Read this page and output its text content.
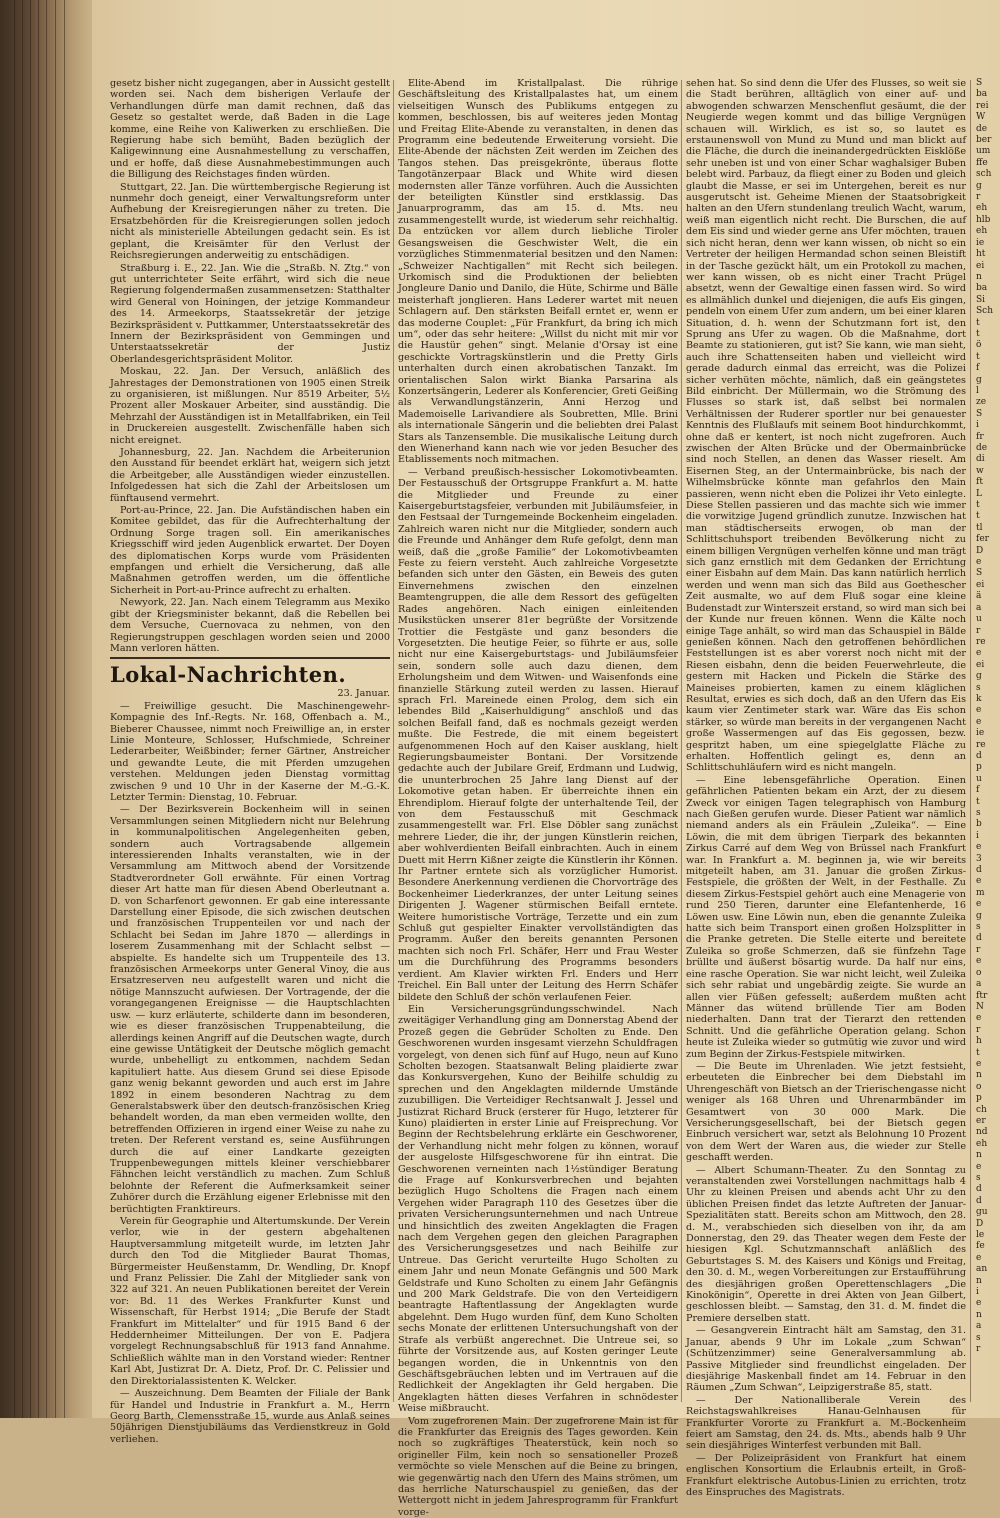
gesetz bisher nicht zugegangen, aber in Aussicht gestellt worden sei. Nach dem bisherigen Verlaufe der Verhandlungen dürfe man damit rechnen, daß das Gesetz so gestaltet werde, daß Baden in die Lage komme, eine Reihe von Kaliwerken zu erschließen. Die Regierung habe sich bemüht, Baden bezüglich der Kaligewinnung eine Ausnahmestellung zu verschaffen, und er hoffe, daß diese Ausnahmebestimmungen auch die Billigung des Reichstages finden würden.

Stuttgart, 22. Jan. Die württembergische Regierung ist nunmehr doch geneigt, einer Verwaltungsreform unter Aufhebung der Kreisregierungen näher zu treten. Die Ersatzbehörden für die Kreisregierungen sollen jedoch nicht als ministerielle Abteilungen gedacht sein. Es ist geplant, die Kreisämter für den Verlust der Reichsregierungen anderweitig zu entschädigen.

Straßburg i. E., 22. Jan. Wie die „Straßb. N. Ztg.“ von gut unterrichteter Seite erfährt, wird sich die neue Regierung folgendermaßen zusammensetzen: Statthalter wird General von Hoiningen, der jetzige Kommandeur des 14. Armeekorps, Staatssekretär der jetzige Bezirkspräsident v. Puttkammer, Unterstaatssekretär des Innern der Bezirkspräsident von Gemmingen und Unterstaatssekretär der Justiz Oberlandesgerichtspräsident Molitor.

Moskau, 22. Jan. Der Versuch, anläßlich des Jahrestages der Demonstrationen von 1905 einen Streik zu organisieren, ist mißlungen. Nur 8519 Arbeiter, 5½ Prozent aller Moskauer Arbeiter, sind ausständig. Die Mehrzahl der Ausständigen ist in Metallfabriken, ein Teil in Druckereien ausgestellt. Zwischenfälle haben sich nicht ereignet.

Johannesburg, 22. Jan. Nachdem die Arbeiterunion den Ausstand für beendet erklärt hat, weigern sich jetzt die Arbeitgeber, alle Ausständigen wieder einzustellen. Infolgedessen hat sich die Zahl der Arbeitslosen um fünftausend vermehrt.

Port-au-Prince, 22. Jan. Die Aufständischen haben ein Komitee gebildet, das für die Aufrechterhaltung der Ordnung Sorge tragen soll. Ein amerikanisches Kriegsschiff wird jeden Augenblick erwartet. Der Doyen des diplomatischen Korps wurde vom Präsidenten empfangen und erhielt die Versicherung, daß alle Maßnahmen getroffen werden, um die öffentliche Sicherheit in Port-au-Prince aufrecht zu erhalten.

Newyork, 22. Jan. Nach einem Telegramm aus Mexiko gibt der Kriegsminister bekannt, daß die Rebellen bei dem Versuche, Cuernovaca zu nehmen, von den Regierungstruppen geschlagen worden seien und 2000 Mann verloren hätten.

Lokal-Nachrichten.

23. Januar.

— Freiwillige gesucht. Die Maschinengewehr-Kompagnie des Inf.-Regts. Nr. 168, Offenbach a. M., Bieberer Chaussee, nimmt noch Freiwillige an, in erster Linie Monteure, Schlosser, Hufschmiede, Schreiner Lederarbeiter, Weißbinder; ferner Gärtner, Anstreicher und gewandte Leute, die mit Pferden umzugehen verstehen. Meldungen jeden Dienstag vormittag zwischen 9 und 10 Uhr in der Kaserne der M.-G.-K. Letzter Termin: Dienstag, 10. Februar.

— Der Bezirksverein Bockenheim will in seinen Versammlungen seinen Mitgliedern nicht nur Belehrung in kommunalpolitischen Angelegenheiten geben, sondern auch Vortragsabende allgemein interessierenden Inhalts veranstalten, wie in der Versammlung am Mittwoch abend der Vorsitzende Stadtverordneter Goll erwähnte. Für einen Vortrag dieser Art hatte man für diesen Abend Oberleutnant a. D. von Scharfenort gewonnen. Er gab eine interessante Darstellung einer Episode, die sich zwischen deutschen und französischen Truppenteilen vor und nach der Schlacht bei Sedan im Jahre 1870 — allerdings in loserem Zusammenhang mit der Schlacht selbst — abspielte. Es handelte sich um Truppenteile des 13. französischen Armeekorps unter General Vinoy, die aus Ersatzreserven neu aufgestellt waren und nicht die nötige Mannszucht aufwiesen. Der Vortragende, der die vorangegangenen Ereignisse — die Hauptschlachten usw. — kurz erläuterte, schilderte dann im besonderen, wie es dieser französischen Truppenabteilung, die allerdings keinen Angriff auf die Deutschen wagte, durch eine gewisse Untätigkeit der Deutsche möglich gemacht wurde, unbehelligt zu entkommen, nachdem Sedan kapituliert hatte. Aus diesem Grund sei diese Episode ganz wenig bekannt geworden und auch erst im Jahre 1892 in einem besonderen Nachtrag zu dem Generalstabswerk über den deutsch-französischen Krieg behandelt worden, da man eben vermeiden wollte, den betreffenden Offizieren in irgend einer Weise zu nahe zu treten. Der Referent verstand es, seine Ausführungen durch die auf einer Landkarte gezeigten Truppenbewegungen mittels kleiner verschiebbarer Fähnchen leicht verständlich zu machen. Zum Schluß belohnte der Referent die Aufmerksamkeit seiner Zuhörer durch die Erzählung eigener Erlebnisse mit den berüchtigten Franktireurs.

Verein für Geographie und Altertumskunde. Der Verein verlor, wie in der gestern abgehaltenen Hauptversammlung mitgeteilt wurde, im letzten Jahr durch den Tod die Mitglieder Baurat Thomas, Bürgermeister Heußenstamm, Dr. Wendling, Dr. Knopf und Franz Pelissier. Die Zahl der Mitglieder sank von 322 auf 321. An neuen Publikationen bereitet der Verein vor: Bd. 11 des Werkes Frankfurter Kunst und Wissenschaft, für Herbst 1914; „Die Berufe der Stadt Frankfurt im Mittelalter“ und für 1915 Band 6 der Heddernheimer Mitteilungen. Der von E. Padjera vorgelegt Rechnungsabschluß für 1913 fand Annahme. Schließlich wählte man in den Vorstand wieder: Rentner Karl Abt, Justizrat Dr. A. Dietz, Prof. Dr. C. Pelissier und den Direktorialassistenten K. Welcker.

— Auszeichnung. Dem Beamten der Filiale der Bank für Handel und Industrie in Frankfurt a. M., Herrn Georg Barth, Clemensstraße 15, wurde aus Anlaß seines 50jährigen Dienstjubiläums das Verdienstkreuz in Gold verliehen.

Elite-Abend im Kristallpalast. Die rührige Geschäftsleitung des Kristallpalastes hat, um einem vielseitigen Wunsch des Publikums entgegen zu kommen, beschlossen, bis auf weiteres jeden Montag und Freitag Elite-Abende zu veranstalten, in denen das Programm eine bedeutende Erweiterung vorsieht. Die Elite-Abende der nächsten Zeit werden im Zeichen des Tangos stehen. Das preisgekrönte, überaus flotte Tangotänzerpaar Black und White wird diesen modernsten aller Tänze vorführen. Auch die Aussichten der beteiligten Künstler sind erstklassig. Das Januarprogramm, das am 15. d. Mts. neu zusammengestellt wurde, ist wiederum sehr reichhaltig. Da entzücken vor allem durch liebliche Tiroler Gesangsweisen die Geschwister Welt, die ein vorzügliches Stimmenmaterial besitzen und den Namen: „Schweizer Nachtigallen“ mit Recht sich beilegen. Urkomisch sind die Produktionen der beliebten Jongleure Danio und Danilo, die Hüte, Schirme und Bälle meisterhaft jonglieren. Hans Lederer wartet mit neuen Schlagern auf. Den stärksten Beifall erntet er, wenn er das moderne Couplet: „Für Frankfurt, da bring ich mich um“, oder das sehr heitere: „Willst du nicht mit mir vor die Haustür gehen“ singt. Melanie d'Orsay ist eine geschickte Vortragskünstlerin und die Pretty Girls unterhalten durch einen akrobatischen Tanzakt. Im orientalischen Salon wirkt Bianka Parsarina als Konzertsängerin, Lederer als Konferencier, Greti Geißing als Verwandlungstänzerin, Anni Herzog und Mademoiselle Larivandiere als Soubretten, Mlle. Brini als internationale Sängerin und die beliebten drei Palast Stars als Tanzensemble. Die musikalische Leitung durch den Wienerhand kann nach wie vor jeden Besucher des Etablissements noch mitmachen.

— Verband preußisch-hessischer Lokomotivbeamten. Der Festausschuß der Ortsgruppe Frankfurt a. M. hatte die Mitglieder und Freunde zu einer Kaisergeburtstagsfeier, verbunden mit Jubiläumsfeier, in den Festsaal der Turngemeinde Bockenheim eingeladen. Zahlreich waren nicht nur die Mitglieder, sondern auch die Freunde und Anhänger dem Rufe gefolgt, denn man weiß, daß die „große Familie“ der Lokomotivbeamten Feste zu feiern versteht. Auch zahlreiche Vorgesetzte befanden sich unter den Gästen, ein Beweis des guten Einvernehmens zwischen den einzelnen Beamtengruppen, die alle dem Ressort des gefügelten Rades angehören. Nach einigen einleitenden Musikstücken unserer 81er begrüßte der Vorsitzende Trottier die Festgäste und ganz besonders die Vorgesetzten. Die heutige Feier, so führte er aus, solle nicht nur eine Kaisergeburtstags- und Jubiläumsfeier sein, sondern solle auch dazu dienen, dem Erholungsheim und dem Witwen- und Waisenfonds eine finanzielle Stärkung zuteil werden zu lassen. Hierauf sprach Frl. Mareinede einen Prolog, dem sich ein lebendes Bild „Kaiserhuldigung“ anschloß und das solchen Beifall fand, daß es nochmals gezeigt werden mußte. Die Festrede, die mit einem begeistert aufgenommenen Hoch auf den Kaiser ausklang, hielt Regierungsbaumeister Bontani. Der Vorsitzende gedachte auch der Jubilare Greif, Erdmann und Ludwig, die ununterbrochen 25 Jahre lang Dienst auf der Lokomotive getan haben. Er überreichte ihnen ein Ehrendiplom. Hierauf folgte der unterhaltende Teil, der von dem Festausschuß mit Geschmack zusammengestellt war. Frl. Else Döbler sang zunächst mehrere Lieder, die ihr, der jungen Künstlerin reichen, aber wohlverdienten Beifall einbrachten. Auch in einem Duett mit Herrn Kißner zeigte die Künstlerin ihr Können. Ihr Partner erntete sich als vorzüglicher Humorist. Besondere Anerkennung verdienen die Chorvorträge des Bockenheimer Liederkranzes, der unter Leitung seines Dirigenten J. Wagener stürmischen Beifall erntete. Weitere humoristische Vorträge, Terzette und ein zum Schluß gut gespielter Einakter vervollständigten das Programm. Außer den bereits genannten Personen machten sich noch Frl. Schäfer, Herr und Frau Wester um die Durchführung des Programms besonders verdient. Am Klavier wirkten Frl. Enders und Herr Treichel. Ein Ball unter der Leitung des Herrn Schäfer bildete den Schluß der schön verlaufenen Feier.

Ein Versicherungsgründungsschwindel. Nach zweitägiger Verhandlung ging am Donnerstag Abend der Prozeß gegen die Gebrüder Scholten zu Ende. Den Geschworenen wurden insgesamt vierzehn Schuldfragen vorgelegt, von denen sich fünf auf Hugo, neun auf Kuno Scholten bezogen. Staatsanwalt Beling plaidierte zwar das Konkursvergehen, Kuno der Beihilfe schuldig zu sprechen und den Angeklagten mildernde Umstände zuzubilligen. Die Verteidiger Rechtsanwalt J. Jessel und Justizrat Richard Bruck (ersterer für Hugo, letzterer für Kuno) plaidierten in erster Linie auf Freisprechung. Vor Beginn der Rechtsbelehrung erklärte ein Geschworener, der Verhandlung nicht mehr folgen zu können, worauf der ausgeloste Hilfsgeschworene für ihn eintrat. Die Geschworenen verneinten nach 1½stündiger Beratung die Frage auf Konkursverbrechen und bejahten bezüglich Hugo Scholtens die Fragen nach einem Vergehen wider Paragraph 110 des Gesetzes über die privaten Versicherungsunternehmen und nach Untreue und hinsichtlich des zweiten Angeklagten die Fragen nach dem Vergehen gegen den gleichen Paragraphen des Versicherungsgesetzes und nach Beihilfe zur Untreue. Das Gericht verurteilte Hugo Scholten zu einem Jahr und neun Monate Gefängnis und 500 Mark Geldstrafe und Kuno Scholten zu einem Jahr Gefängnis und 200 Mark Geldstrafe. Die von den Verteidigern beantragte Haftentlassung der Angeklagten wurde abgelehnt. Dem Hugo wurden fünf, dem Kuno Scholten sechs Monate der erlittenen Untersuchungshaft von der Strafe als verbüßt angerechnet. Die Untreue sei, so führte der Vorsitzende aus, auf Kosten geringer Leute begangen worden, die in Unkenntnis von den Geschäftsgebräuchen lebten und im Vertrauen auf die Redlichkeit der Angeklagten ihr Geld hergaben. Die Angeklagten hätten dieses Verfahren in schnödester Weise mißbraucht.

Vom zugefrorenen Main. Der zugefrorene Main ist für die Frankfurter das Ereignis des Tages geworden. Kein noch so zugkräftiges Theaterstück, kein noch so origineller Film, kein noch so sensationeller Prozeß vermöchte so viele Menschen auf die Beine zu bringen, wie gegenwärtig nach den Ufern des Mains strömen, um das herrliche Naturschauspiel zu genießen, das der Wettergott nicht in jedem Jahresprogramm für Frankfurt vorge-

sehen hat. So sind denn die Ufer des Flusses, so weit sie die Stadt berühren, alltäglich von einer auf- und abwogenden schwarzen Menschenflut gesäumt, die der Neugierde wegen kommt und das billige Vergnügen schauen will. Wirklich, es ist so, so lautet es erstaunenswoll von Mund zu Mund und man blickt auf die Fläche, die durch die ineinandergedrückten Eisklöße sehr uneben ist und von einer Schar waghalsiger Buben belebt wird. Parbauz, da fliegt einer zu Boden und gleich glaubt die Masse, er sei im Untergehen, bereit es nur ausgerutscht ist. Geheime Mienen der Staatsobrigkeit halten an den Ufern stundenlang treulich Wacht, warum, weiß man eigentlich nicht recht. Die Burschen, die auf dem Eis sind und wieder gerne ans Ufer möchten, trauen sich nicht heran, denn wer kann wissen, ob nicht so ein Vertreter der heiligen Hermandad schon seinen Bleistift in der Tasche gezückt hält, um ein Protokoll zu machen, wer kann wissen, ob es nicht einer Tracht Prügel absetzt, wenn der Gewaltige einen fassen wird. So wird es allmählich dunkel und diejenigen, die aufs Eis gingen, pendeln von einem Ufer zum andern, um bei einer klaren Situation, d. h. wenn der Schutzmann fort ist, den Sprung ans Ufer zu wagen. Ob die Maßnahme, dort Beamte zu stationieren, gut ist? Sie kann, wie man sieht, auch ihre Schattenseiten haben und vielleicht wird gerade dadurch einmal das erreicht, was die Polizei sicher verhüten möchte, nämlich, daß ein geängstetes Bild einbricht. Der Müllermain, wo die Strömung des Flusses so stark ist, daß selbst bei normalen Verhältnissen der Ruderer sportler nur bei genauester Kenntnis des Flußlaufs mit seinem Boot hindurchkommt, ohne daß er kentert, ist noch nicht zugefroren. Auch zwischen der Alten Brücke und der Obermainbrücke sind noch Stellen, an denen das Wasser rieselt. Am Eisernen Steg, an der Untermainbrücke, bis nach der Wilhelmsbrücke könnte man gefahrlos den Main passieren, wenn nicht eben die Polizei ihr Veto einlegte. Diese Stellen passieren und das machte sich wie immer die vorwitzige Jugend gründlich zunutze. Inzwischen hat man städtischerseits erwogen, ob man der Schlittschuhsport treibenden Bevölkerung nicht zu einem billigen Vergnügen verhelfen könne und man trägt sich ganz ernstlich mit dem Gedanken der Errichtung einer Eisbahn auf dem Main. Das kann natürlich herrlich werden und wenn man sich das Bild aus Goethescher Zeit ausmalte, wo auf dem Fluß sogar eine kleine Budenstadt zur Winterszeit erstand, so wird man sich bei der Kunde nur freuen können. Wenn die Kälte noch einige Tage anhält, so wird man das Schauspiel in Bälde genießen können. Nach den getroffenen behördlichen Feststellungen ist es aber vorerst noch nicht mit der Riesen eisbahn, denn die beiden Feuerwehrleute, die gestern mit Hacken und Pickeln die Stärke des Maineises probierten, kamen zu einem kläglichen Resultat, erwies es sich doch, daß an den Ufern das Eis kaum vier Zentimeter stark war. Wäre das Eis schon stärker, so würde man bereits in der vergangenen Nacht große Wassermengen auf das Eis gegossen, bezw. gespritzt haben, um eine spiegelglatte Fläche zu erhalten. Hoffentlich gelingt es, denn an Schlittschuhläufern wird es nicht mangeln.

— Eine lebensgefährliche Operation. Einen gefährlichen Patienten bekam ein Arzt, der zu diesem Zweck vor einigen Tagen telegraphisch von Hamburg nach Gießen gerufen wurde. Dieser Patient war nämlich niemand anders als ein Fräulein „Zuleika“. — Eine Löwin, die mit dem übrigen Tierpark des bekannten Zirkus Carré auf dem Weg von Brüssel nach Frankfurt war. In Frankfurt a. M. beginnen ja, wie wir bereits mitgeteilt haben, am 31. Januar die großen Zirkus-Festspiele, die größten der Welt, in der Festhalle. Zu diesem Zirkus-Festspiel gehört auch eine Menagerie von rund 250 Tieren, darunter eine Elefantenherde, 16 Löwen usw. Eine Löwin nun, eben die genannte Zuleika hatte sich beim Transport einen großen Holzsplitter in die Pranke getreten. Die Stelle eiterte und bereitete Zuleika so große Schmerzen, daß sie fünfzehn Tage brüllte und äußerst bösartig wurde. Da half nur eins, eine rasche Operation. Sie war nicht leicht, weil Zuleika sich sehr rabiat und ungebärdig zeigte. Sie wurde an allen vier Füßen gefesselt; außerdem mußten acht Männer das wütend brüllende Tier am Boden niederhalten. Dann trat der Tierarzt den rettenden Schnitt. Und die gefährliche Operation gelang. Schon heute ist Zuleika wieder so gutmütig wie zuvor und wird zum Beginn der Zirkus-Festspiele mitwirken.

— Die Beute im Uhrenladen. Wie jetzt festsieht, erbeuteten die Einbrecher bei dem Diebstahl im Uhrengeschäft von Bietsch an der Trierischengasse nicht weniger als 168 Uhren und Uhrenarmbänder im Gesamtwert von 30 000 Mark. Die Versicherungsgesellschaft, bei der Bietsch gegen Einbruch versichert war, setzt als Belohnung 10 Prozent von dem Wert der Waren aus, die wieder zur Stelle geschafft werden.

— Albert Schumann-Theater. Zu den Sonntag zu veranstaltenden zwei Vorstellungen nachmittags halb 4 Uhr zu kleinen Preisen und abends acht Uhr zu den üblichen Preisen findet das letzte Auftreten der Januar-Spezialitäten statt. Bereits schon am Mittwoch, den 28. d. M., verabschieden sich dieselben von ihr, da am Donnerstag, den 29. das Theater wegen dem Feste der hiesigen Kgl. Schutzmannschaft anläßlich des Geburtstages S. M. des Kaisers und Königs und Freitag, den 30. d. M., wegen Vorbereitungen zur Erstaufführung des diesjährigen großen Operettenschlagers „Die Kinokönigin“, Operette in drei Akten von Jean Gilbert, geschlossen bleibt. — Samstag, den 31. d. M. findet die Premiere derselben statt.

— Gesangverein Eintracht hält am Samstag, den 31. Januar, abends 9 Uhr im Lokale „zum Schwan“ (Schützenzimmer) seine Generalversammlung ab. Passive Mitglieder sind freundlichst eingeladen. Der diesjährige Maskenball findet am 14. Februar in den Räumen „Zum Schwan“, Leipzigerstraße 85, statt.

— Der Nationalliberale Verein des Reichstagswahlkreises Hanau-Gelnhausen für Frankfurter Vororte zu Frankfurt a. M.-Bockenheim feiert am Samstag, den 24. ds. Mts., abends halb 9 Uhr sein diesjähriges Winterfest verbunden mit Ball.

— Der Polizeipräsident von Frankfurt hat einem englischen Konsortium die Erlaubnis erteilt, in Groß-Frankfurt elektrische Autobus-Linien zu errichten, trotz des Einspruches des Magistrats.

S
ba
rei
W
de
ber
um
ffe
sch
g
r
eh
hlb
eh
ie
ht
ei
n
ba
Si
Sch
t
t
ö
t
f
g
l
ze
S
i
fr
de
di
w
ft
L
t
t
tl
fer
D
e
S
ei
ä
a
u
r
re
e
ei
g
s
k
e
e
ie
re
d
p
u
f
t
s
b
i
e
3
d
e
m
e
g
s
d
r
e
o
a
ftr
N
e
r
h
t
e
n
o
p
ch
er
nd
eh
n
e
s
d
d
gu
D
le
fe
e
an
n
i
e
n
a
s
r
